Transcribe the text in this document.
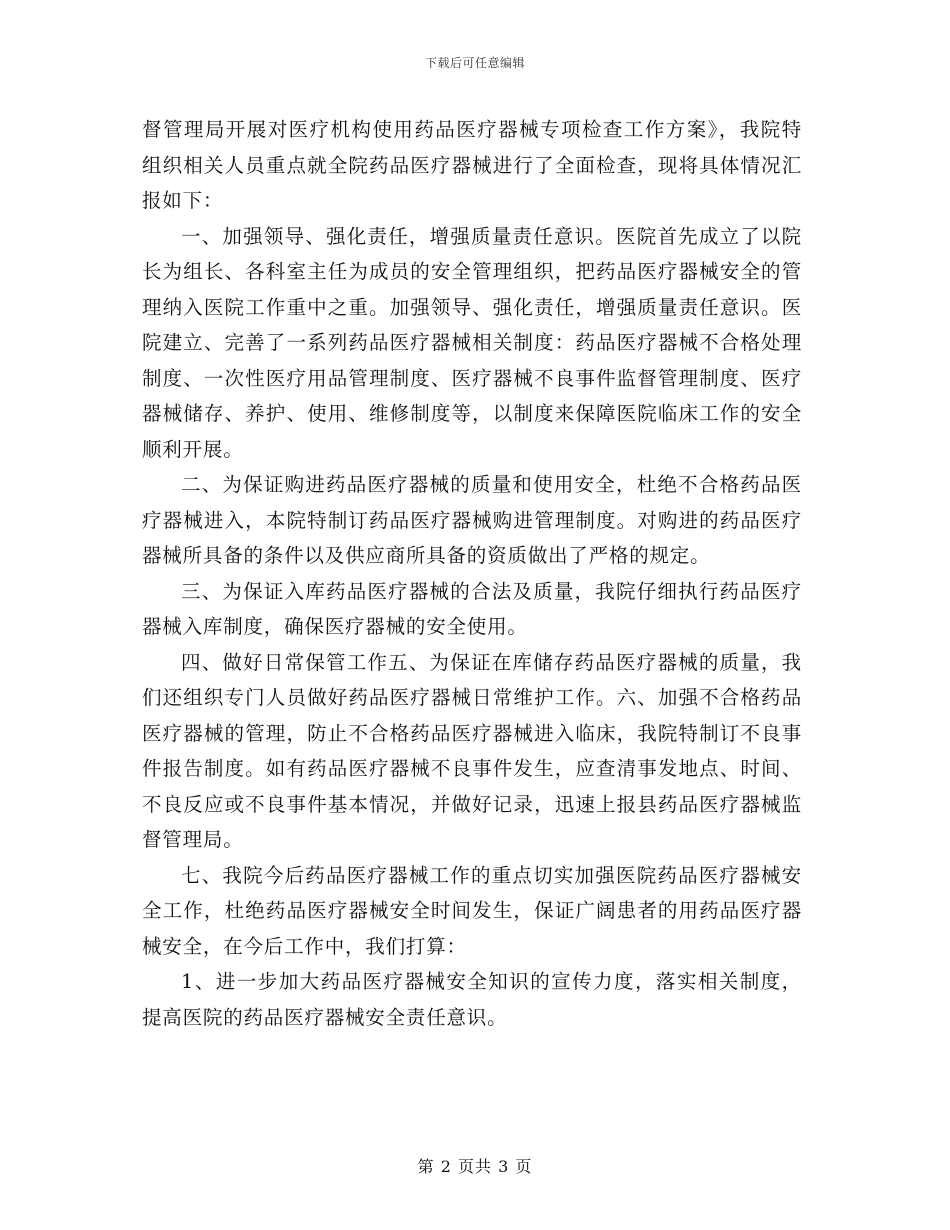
下载后可任意编辑

督管理局开展对医疗机构使用药品医疗器械专项检查工作方案》，我院特组织相关人员重点就全院药品医疗器械进行了全面检查，现将具体情况汇报如下：

一、加强领导、强化责任，增强质量责任意识。医院首先成立了以院长为组长、各科室主任为成员的安全管理组织，把药品医疗器械安全的管理纳入医院工作重中之重。加强领导、强化责任，增强质量责任意识。医院建立、完善了一系列药品医疗器械相关制度：药品医疗器械不合格处理制度、一次性医疗用品管理制度、医疗器械不良事件监督管理制度、医疗器械储存、养护、使用、维修制度等，以制度来保障医院临床工作的安全顺利开展。

二、为保证购进药品医疗器械的质量和使用安全，杜绝不合格药品医疗器械进入，本院特制订药品医疗器械购进管理制度。对购进的药品医疗器械所具备的条件以及供应商所具备的资质做出了严格的规定。

三、为保证入库药品医疗器械的合法及质量，我院仔细执行药品医疗器械入库制度，确保医疗器械的安全使用。

四、做好日常保管工作五、为保证在库储存药品医疗器械的质量，我们还组织专门人员做好药品医疗器械日常维护工作。六、加强不合格药品医疗器械的管理，防止不合格药品医疗器械进入临床，我院特制订不良事件报告制度。如有药品医疗器械不良事件发生，应查清事发地点、时间、不良反应或不良事件基本情况，并做好记录，迅速上报县药品医疗器械监督管理局。

七、我院今后药品医疗器械工作的重点切实加强医院药品医疗器械安全工作，杜绝药品医疗器械安全时间发生，保证广阔患者的用药品医疗器械安全，在今后工作中，我们打算：

1、进一步加大药品医疗器械安全知识的宣传力度，落实相关制度，提高医院的药品医疗器械安全责任意识。

第 2 页共 3 页
